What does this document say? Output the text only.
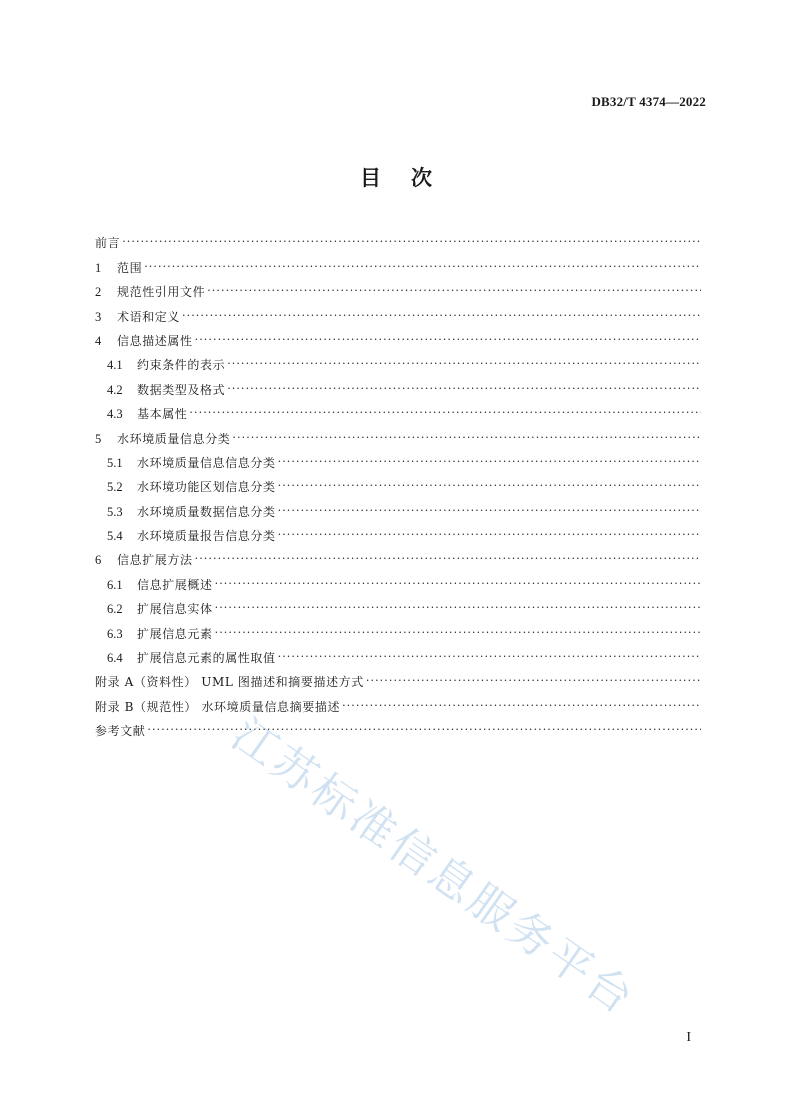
DB32/T 4374—2022
目次
前言
·····
1	范围
·····
2	规范性引用文件
·····
3	术语和定义
·····
4	信息描述属性
·····
4.1	约束条件的表示
·····
4.2	数据类型及格式
·····
4.3	基本属性
·····
5	水环境质量信息分类
·····
5.1	水环境质量信息信息分类
·····
5.2	水环境功能区划信息分类
·····
5.3	水环境质量数据信息分类
·····
5.4	水环境质量报告信息分类
·····
6	信息扩展方法
·····
6.1	信息扩展概述
·····
6.2	扩展信息实体
·····
6.3	扩展信息元素
·····
6.4	扩展信息元素的属性取值
·····
附录 A（资料性） UML 图描述和摘要描述方式
·····
附录 B（规范性） 水环境质量信息摘要描述
·····
参考文献
·····
I
江苏标准信息服务平台
